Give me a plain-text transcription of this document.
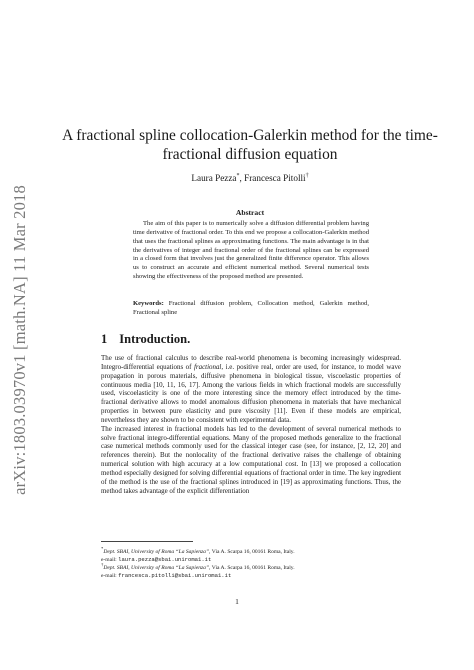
arXiv:1803.03970v1 [math.NA] 11 Mar 2018
A fractional spline collocation-Galerkin method for the time-fractional diffusion equation
Laura Pezza*, Francesca Pitolli†
Abstract
The aim of this paper is to numerically solve a diffusion differential problem having time derivative of fractional order. To this end we propose a collocation-Galerkin method that uses the fractional splines as approximating functions. The main advantage is in that the derivatives of integer and fractional order of the fractional splines can be expressed in a closed form that involves just the generalized finite difference operator. This allows us to construct an accurate and efficient numerical method. Several numerical tests showing the effectiveness of the proposed method are presented.
Keywords: Fractional diffusion problem, Collocation method, Galerkin method, Fractional spline
1 Introduction.

The use of fractional calculus to describe real-world phenomena is becoming increasingly widespread. Integro-differential equations of fractional, i.e. positive real, order are used, for instance, to model wave propagation in porous materials, diffusive phenomena in biological tissue, viscoelastic properties of continuous media [10, 11, 16, 17]. Among the various fields in which fractional models are successfully used, viscoelasticity is one of the more interesting since the memory effect introduced by the time-fractional derivative allows to model anomalous diffusion phenomena in materials that have mechanical properties in between pure elasticity and pure viscosity [11]. Even if these models are empirical, nevertheless they are shown to be consistent with experimental data.

The increased interest in fractional models has led to the development of several numerical methods to solve fractional integro-differential equations. Many of the proposed methods generalize to the fractional case numerical methods commonly used for the classical integer case (see, for instance, [2, 12, 20] and references therein). But the nonlocality of the fractional derivative raises the challenge of obtaining numerical solution with high accuracy at a low computational cost. In [13] we proposed a collocation method especially designed for solving differential equations of fractional order in time. The key ingredient of the method is the use of the fractional splines introduced in [19] as approximating functions. Thus, the method takes advantage of the explicit differentiation

*Dept. SBAI, University of Roma “La Sapienza”, Via A. Scarpa 16, 00161 Roma, Italy.
e-mail: laura.pezza@sbai.uniroma1.it
†Dept. SBAI, University of Roma “La Sapienza”, Via A. Scarpa 16, 00161 Roma, Italy.
e-mail: francesca.pitolli@sbai.uniroma1.it
1
